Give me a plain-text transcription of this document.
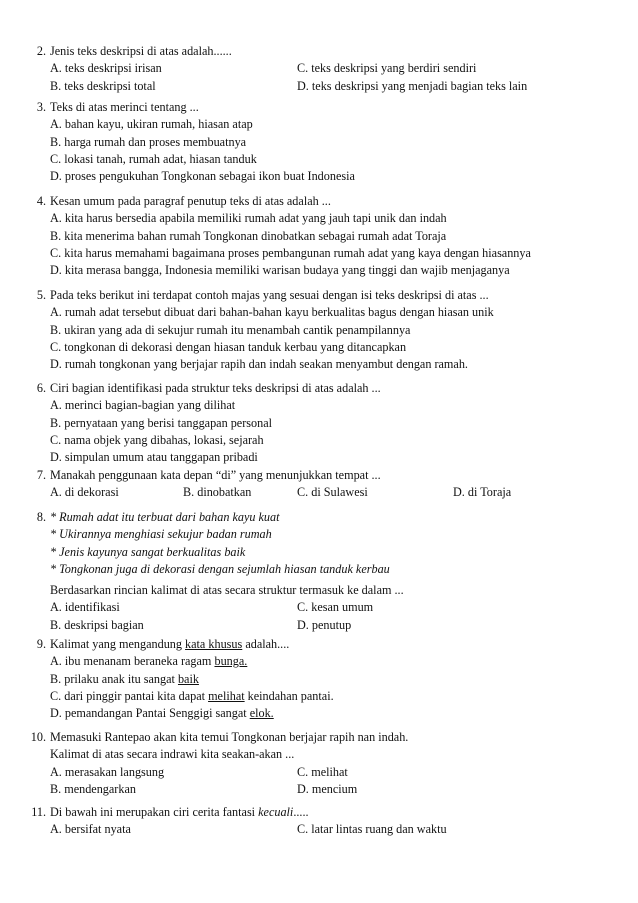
2. Jenis teks deskripsi di atas adalah......
A. teks deskripsi irisan	C. teks deskripsi yang berdiri sendiri
B. teks deskripsi total	D. teks deskripsi yang menjadi bagian teks lain
3. Teks di atas merinci tentang ...
A. bahan kayu, ukiran rumah, hiasan atap
B. harga rumah dan proses membuatnya
C. lokasi tanah, rumah adat, hiasan tanduk
D. proses pengukuhan Tongkonan sebagai ikon buat Indonesia
4. Kesan umum pada paragraf penutup teks di atas adalah ...
A. kita harus bersedia apabila memiliki rumah adat yang jauh tapi unik dan indah
B. kita menerima bahan rumah Tongkonan dinobatkan sebagai rumah adat Toraja
C. kita harus memahami bagaimana proses pembangunan rumah adat yang kaya dengan hiasannya
D. kita merasa bangga, Indonesia memiliki warisan budaya yang tinggi dan wajib menjaganya
5. Pada teks berikut ini terdapat contoh majas yang sesuai dengan isi teks deskripsi di atas ...
A. rumah adat tersebut dibuat dari bahan-bahan kayu berkualitas bagus dengan hiasan unik
B. ukiran yang ada di sekujur rumah itu menambah cantik penampilannya
C. tongkonan di dekorasi dengan hiasan tanduk kerbau yang ditancapkan
D. rumah tongkonan yang berjajar rapih dan indah seakan menyambut dengan ramah.
6. Ciri bagian identifikasi pada struktur teks deskripsi di atas adalah ...
A. merinci bagian-bagian yang dilihat
B. pernyataan yang berisi tanggapan personal
C. nama objek yang dibahas, lokasi, sejarah
D. simpulan umum atau tanggapan pribadi
7. Manakah penggunaan kata depan “di” yang menunjukkan tempat ...
A. di dekorasi	B. dinobatkan	C. di Sulawesi	D. di Toraja
8. * Rumah adat itu terbuat dari bahan kayu kuat
* Ukirannya menghiasi sekujur badan rumah
* Jenis kayunya sangat berkualitas baik
* Tongkonan juga di dekorasi dengan sejumlah hiasan tanduk kerbau
Berdasarkan rincian kalimat di atas secara struktur termasuk ke dalam ...
A. identifikasi	C. kesan umum
B. deskripsi bagian	D. penutup
9. Kalimat yang mengandung kata khusus adalah....
A. ibu menanam beraneka ragam bunga.
B. prilaku anak itu sangat baik
C. dari pinggir pantai kita dapat melihat keindahan pantai.
D. pemandangan Pantai Senggigi sangat elok.
10. Memasuki Rantepao akan kita temui Tongkonan berjajar rapih nan indah.
Kalimat di atas secara indrawi kita seakan-akan ...
A. merasakan langsung	C. melihat
B. mendengarkan	D. mencium
11. Di bawah ini merupakan ciri cerita fantasi kecuali.....
A. bersifat nyata	C. latar lintas ruang dan waktu
